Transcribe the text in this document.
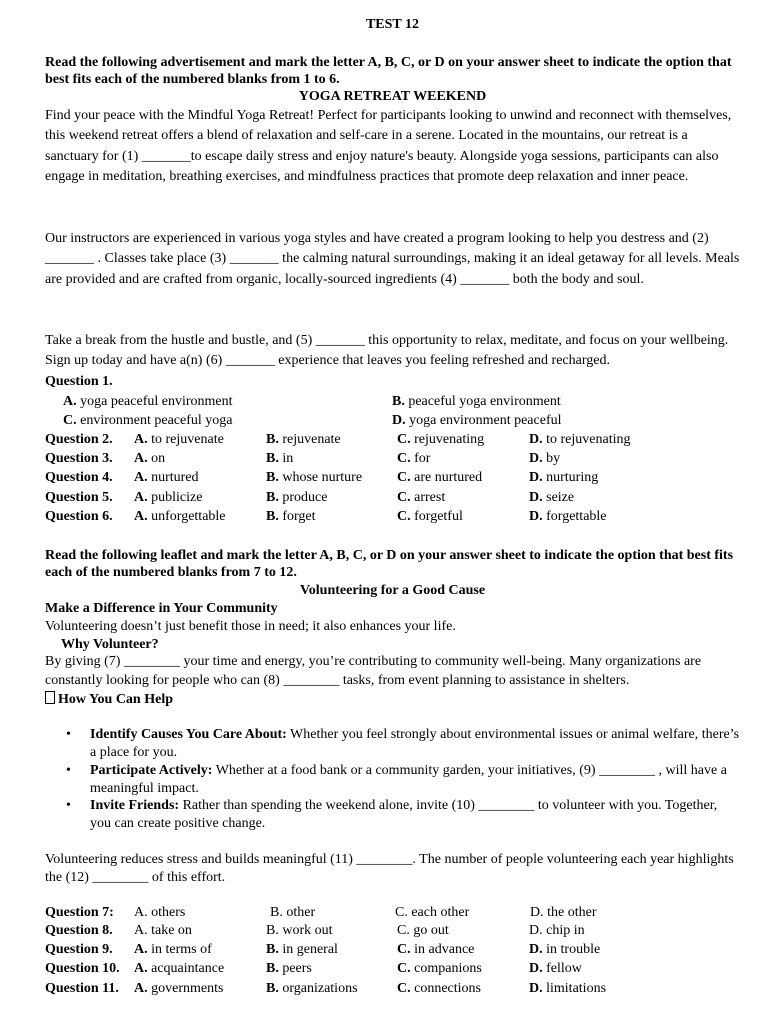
TEST 12
Read the following advertisement and mark the letter A, B, C, or D on your answer sheet to indicate the option that best fits each of the numbered blanks from 1 to 6.
YOGA RETREAT WEEKEND
Find your peace with the Mindful Yoga Retreat! Perfect for participants looking to unwind and reconnect with themselves, this weekend retreat offers a blend of relaxation and self-care in a serene. Located in the mountains, our retreat is a sanctuary for (1) _______to escape daily stress and enjoy nature's beauty. Alongside yoga sessions, participants can also engage in meditation, breathing exercises, and mindfulness practices that promote deep relaxation and inner peace.
Our instructors are experienced in various yoga styles and have created a program looking to help you destress and (2) _______ . Classes take place (3) _______ the calming natural surroundings, making it an ideal getaway for all levels. Meals are provided and are crafted from organic, locally-sourced ingredients (4) _______ both the body and soul.
Take a break from the hustle and bustle, and (5) _______ this opportunity to relax, meditate, and focus on your wellbeing. Sign up today and have a(n) (6) _______ experience that leaves you feeling refreshed and recharged.
Question 1.
A. yoga peaceful environment	B. peaceful yoga environment
C. environment peaceful yoga	D. yoga environment peaceful
Question 2. A. to rejuvenate	B. rejuvenate	C. rejuvenating	D. to rejuvenating
Question 3. A. on	B. in	C. for	D. by
Question 4. A. nurtured	B. whose nurture C. are nurtured	D. nurturing
Question 5. A. publicize	B. produce	C. arrest	D. seize
Question 6. A. unforgettable	B. forget	C. forgetful	D. forgettable
Read the following leaflet and mark the letter A, B, C, or D on your answer sheet to indicate the option that best fits each of the numbered blanks from 7 to 12.
Volunteering for a Good Cause
Make a Difference in Your Community
Volunteering doesn’t just benefit those in need; it also enhances your life.
Why Volunteer?
By giving (7) ________ your time and energy, you’re contributing to community well-being. Many organizations are constantly looking for people who can (8) ________ tasks, from event planning to assistance in shelters.
How You Can Help
• Identify Causes You Care About: Whether you feel strongly about environmental issues or animal welfare, there’s a place for you.
• Participate Actively: Whether at a food bank or a community garden, your initiatives, (9) ________ , will have a meaningful impact.
• Invite Friends: Rather than spending the weekend alone, invite (10) ________ to volunteer with you. Together, you can create positive change.
Volunteering reduces stress and builds meaningful (11) ________. The number of people volunteering each year highlights the (12) ________ of this effort.
Question 7: A. others	B. other	C. each other	D. the other
Question 8. A. take on	B. work out	C. go out	D. chip in
Question 9. A. in terms of	B. in general	C. in advance	D. in trouble
Question 10. A. acquaintance	B. peers	C. companions	D. fellow
Question 11. A. governments	B. organizations	C. connections	D. limitations
